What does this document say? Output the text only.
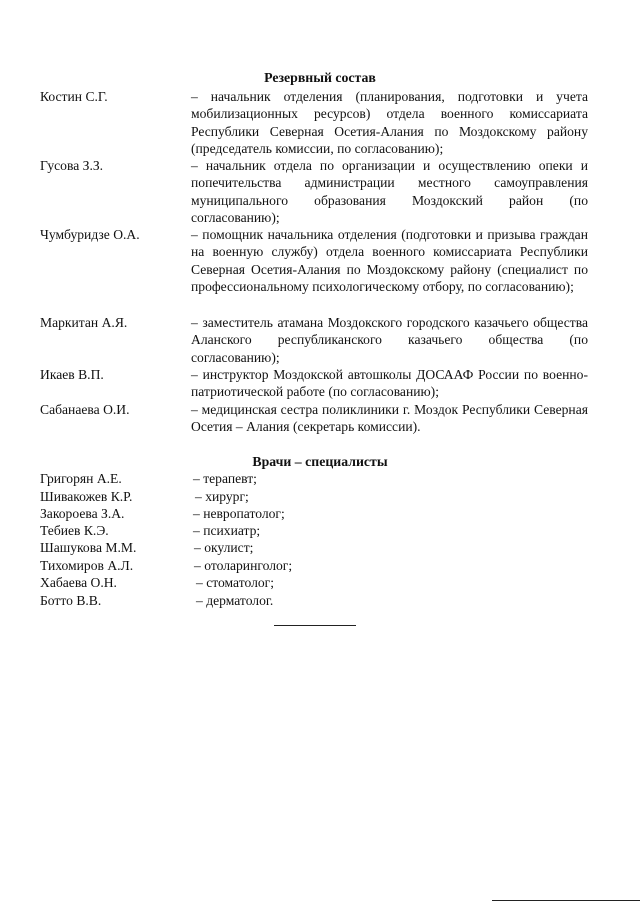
Резервный состав
Костин С.Г.	– начальник отделения (планирования, подготовки и учета мобилизационных ресурсов) отдела военного комиссариата Республики Северная Осетия-Алания по Моздокскому району (председатель комиссии, по согласованию);
Гусова З.З.	– начальник отдела по организации и осуществлению опеки и попечительства администрации местного самоуправления муниципального образования Моздокский район (по согласованию);
Чумбуридзе О.А.	– помощник начальника отделения (подготовки и призыва граждан на военную службу) отдела военного комиссариата Республики Северная Осетия-Алания по Моздокскому району (специалист по профессиональному психологическому отбору, по согласованию);
Маркитан А.Я.	– заместитель атамана Моздокского городского казачьего общества Аланского республиканского казачьего общества (по согласованию);
Икаев В.П.	– инструктор Моздокской автошколы ДОСААФ России по военно-патриотической работе (по согласованию);
Сабанаева О.И.	– медицинская сестра поликлиники г. Моздок Республики Северная Осетия – Алания (секретарь комиссии).
Врачи – специалисты
Григорян А.Е.	– терапевт;
Шивакожев К.Р.	– хирург;
Закороева З.А.	– невропатолог;
Тебиев К.Э.	– психиатр;
Шашукова М.М.	– окулист;
Тихомиров А.Л.	– отоларинголог;
Хабаева О.Н.	– стоматолог;
Ботто В.В.	– дерматолог.
